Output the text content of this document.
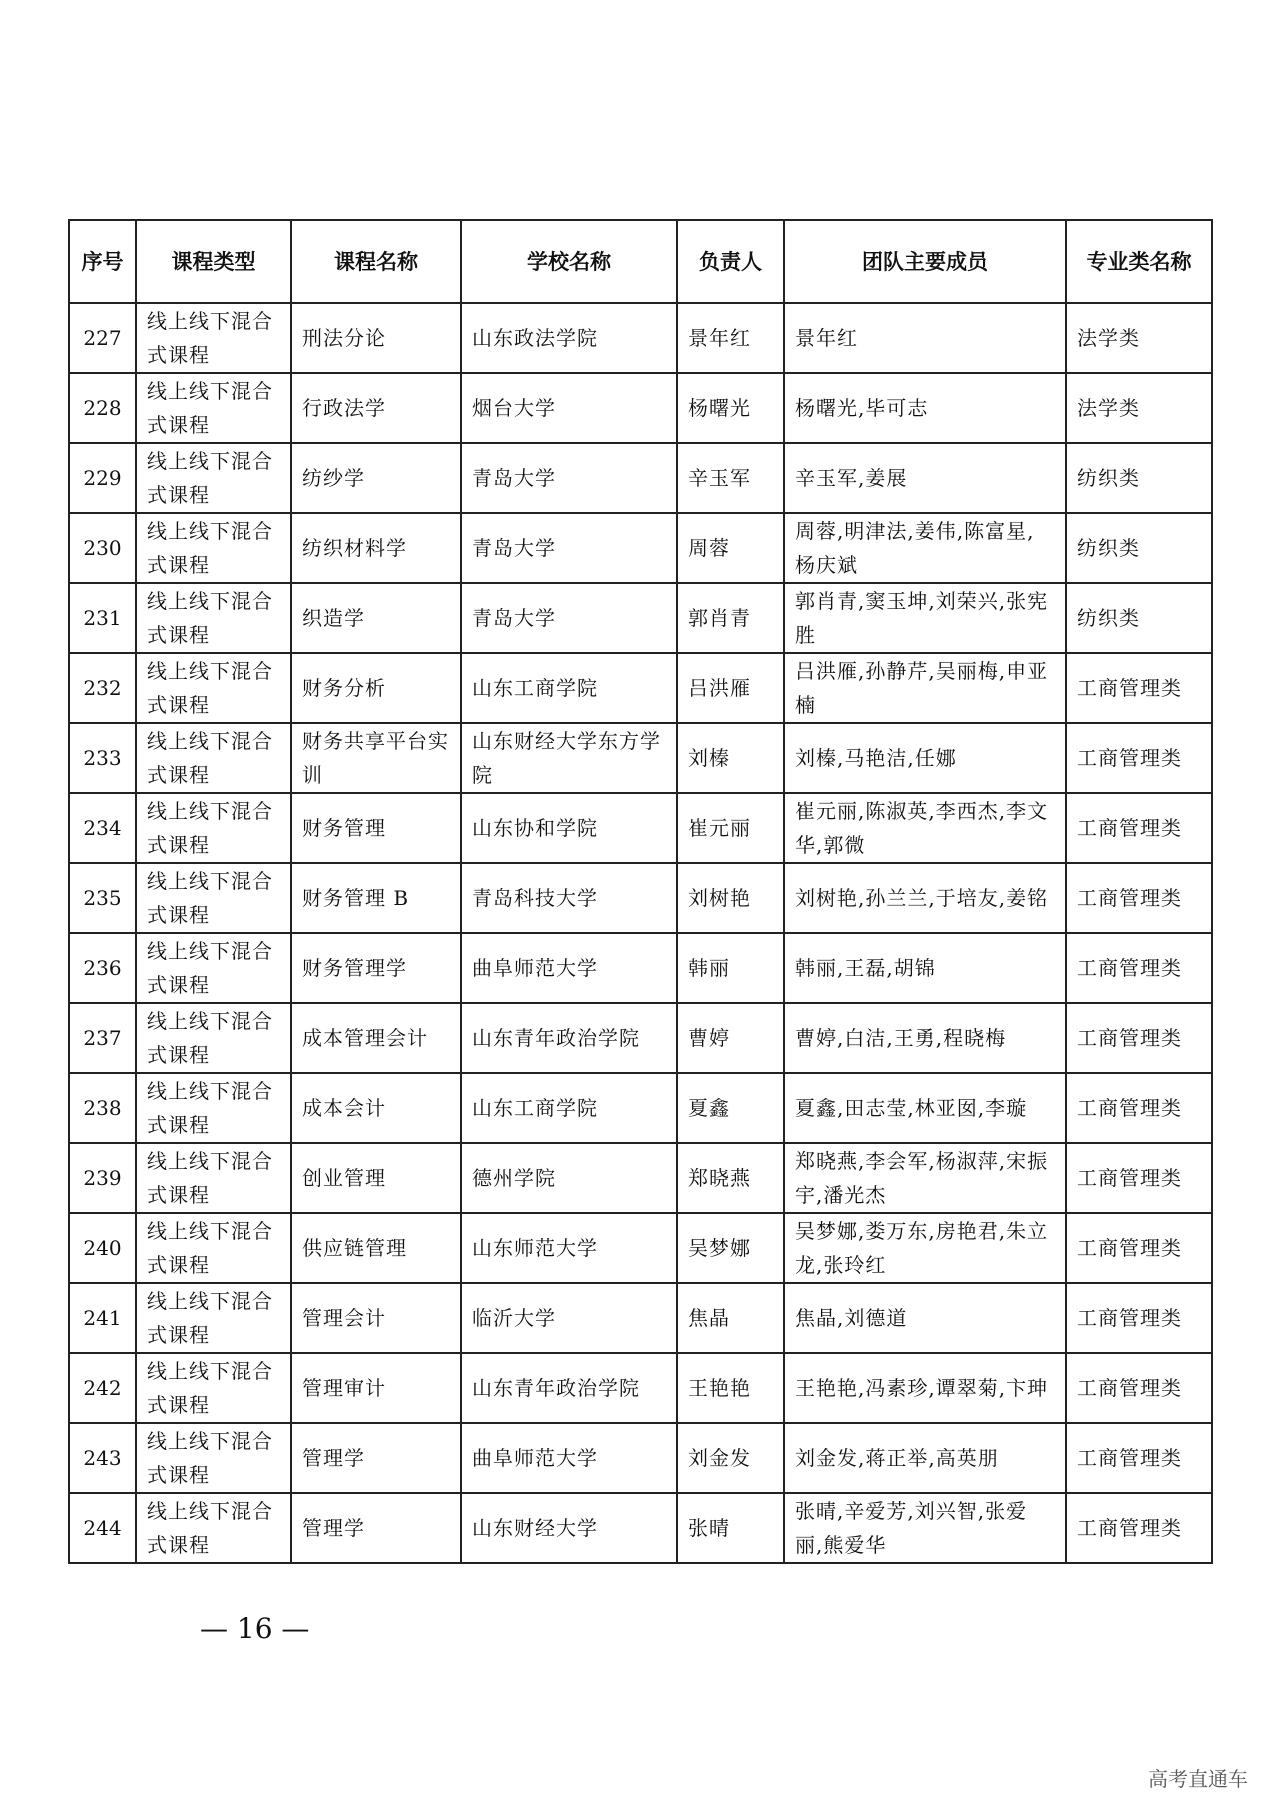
序号	课程类型	课程名称	学校名称	负责人	团队主要成员	专业类名称
227	线上线下混合式课程	刑法分论	山东政法学院	景年红	景年红	法学类
228	线上线下混合式课程	行政法学	烟台大学	杨曙光	杨曙光,毕可志	法学类
229	线上线下混合式课程	纺纱学	青岛大学	辛玉军	辛玉军,姜展	纺织类
230	线上线下混合式课程	纺织材料学	青岛大学	周蓉	周蓉,明津法,姜伟,陈富星,杨庆斌	纺织类
231	线上线下混合式课程	织造学	青岛大学	郭肖青	郭肖青,窦玉坤,刘荣兴,张宪胜	纺织类
232	线上线下混合式课程	财务分析	山东工商学院	吕洪雁	吕洪雁,孙静芹,吴丽梅,申亚楠	工商管理类
233	线上线下混合式课程	财务共享平台实训	山东财经大学东方学院	刘榛	刘榛,马艳洁,任娜	工商管理类
234	线上线下混合式课程	财务管理	山东协和学院	崔元丽	崔元丽,陈淑英,李西杰,李文华,郭微	工商管理类
235	线上线下混合式课程	财务管理 B	青岛科技大学	刘树艳	刘树艳,孙兰兰,于培友,姜铭	工商管理类
236	线上线下混合式课程	财务管理学	曲阜师范大学	韩丽	韩丽,王磊,胡锦	工商管理类
237	线上线下混合式课程	成本管理会计	山东青年政治学院	曹婷	曹婷,白洁,王勇,程晓梅	工商管理类
238	线上线下混合式课程	成本会计	山东工商学院	夏鑫	夏鑫,田志莹,林亚囡,李璇	工商管理类
239	线上线下混合式课程	创业管理	德州学院	郑晓燕	郑晓燕,李会军,杨淑萍,宋振宇,潘光杰	工商管理类
240	线上线下混合式课程	供应链管理	山东师范大学	吴梦娜	吴梦娜,娄万东,房艳君,朱立龙,张玲红	工商管理类
241	线上线下混合式课程	管理会计	临沂大学	焦晶	焦晶,刘德道	工商管理类
242	线上线下混合式课程	管理审计	山东青年政治学院	王艳艳	王艳艳,冯素珍,谭翠菊,卞珅	工商管理类
243	线上线下混合式课程	管理学	曲阜师范大学	刘金发	刘金发,蒋正举,高英朋	工商管理类
244	线上线下混合式课程	管理学	山东财经大学	张晴	张晴,辛爱芳,刘兴智,张爱丽,熊爱华	工商管理类
— 16 —
高考直通车
